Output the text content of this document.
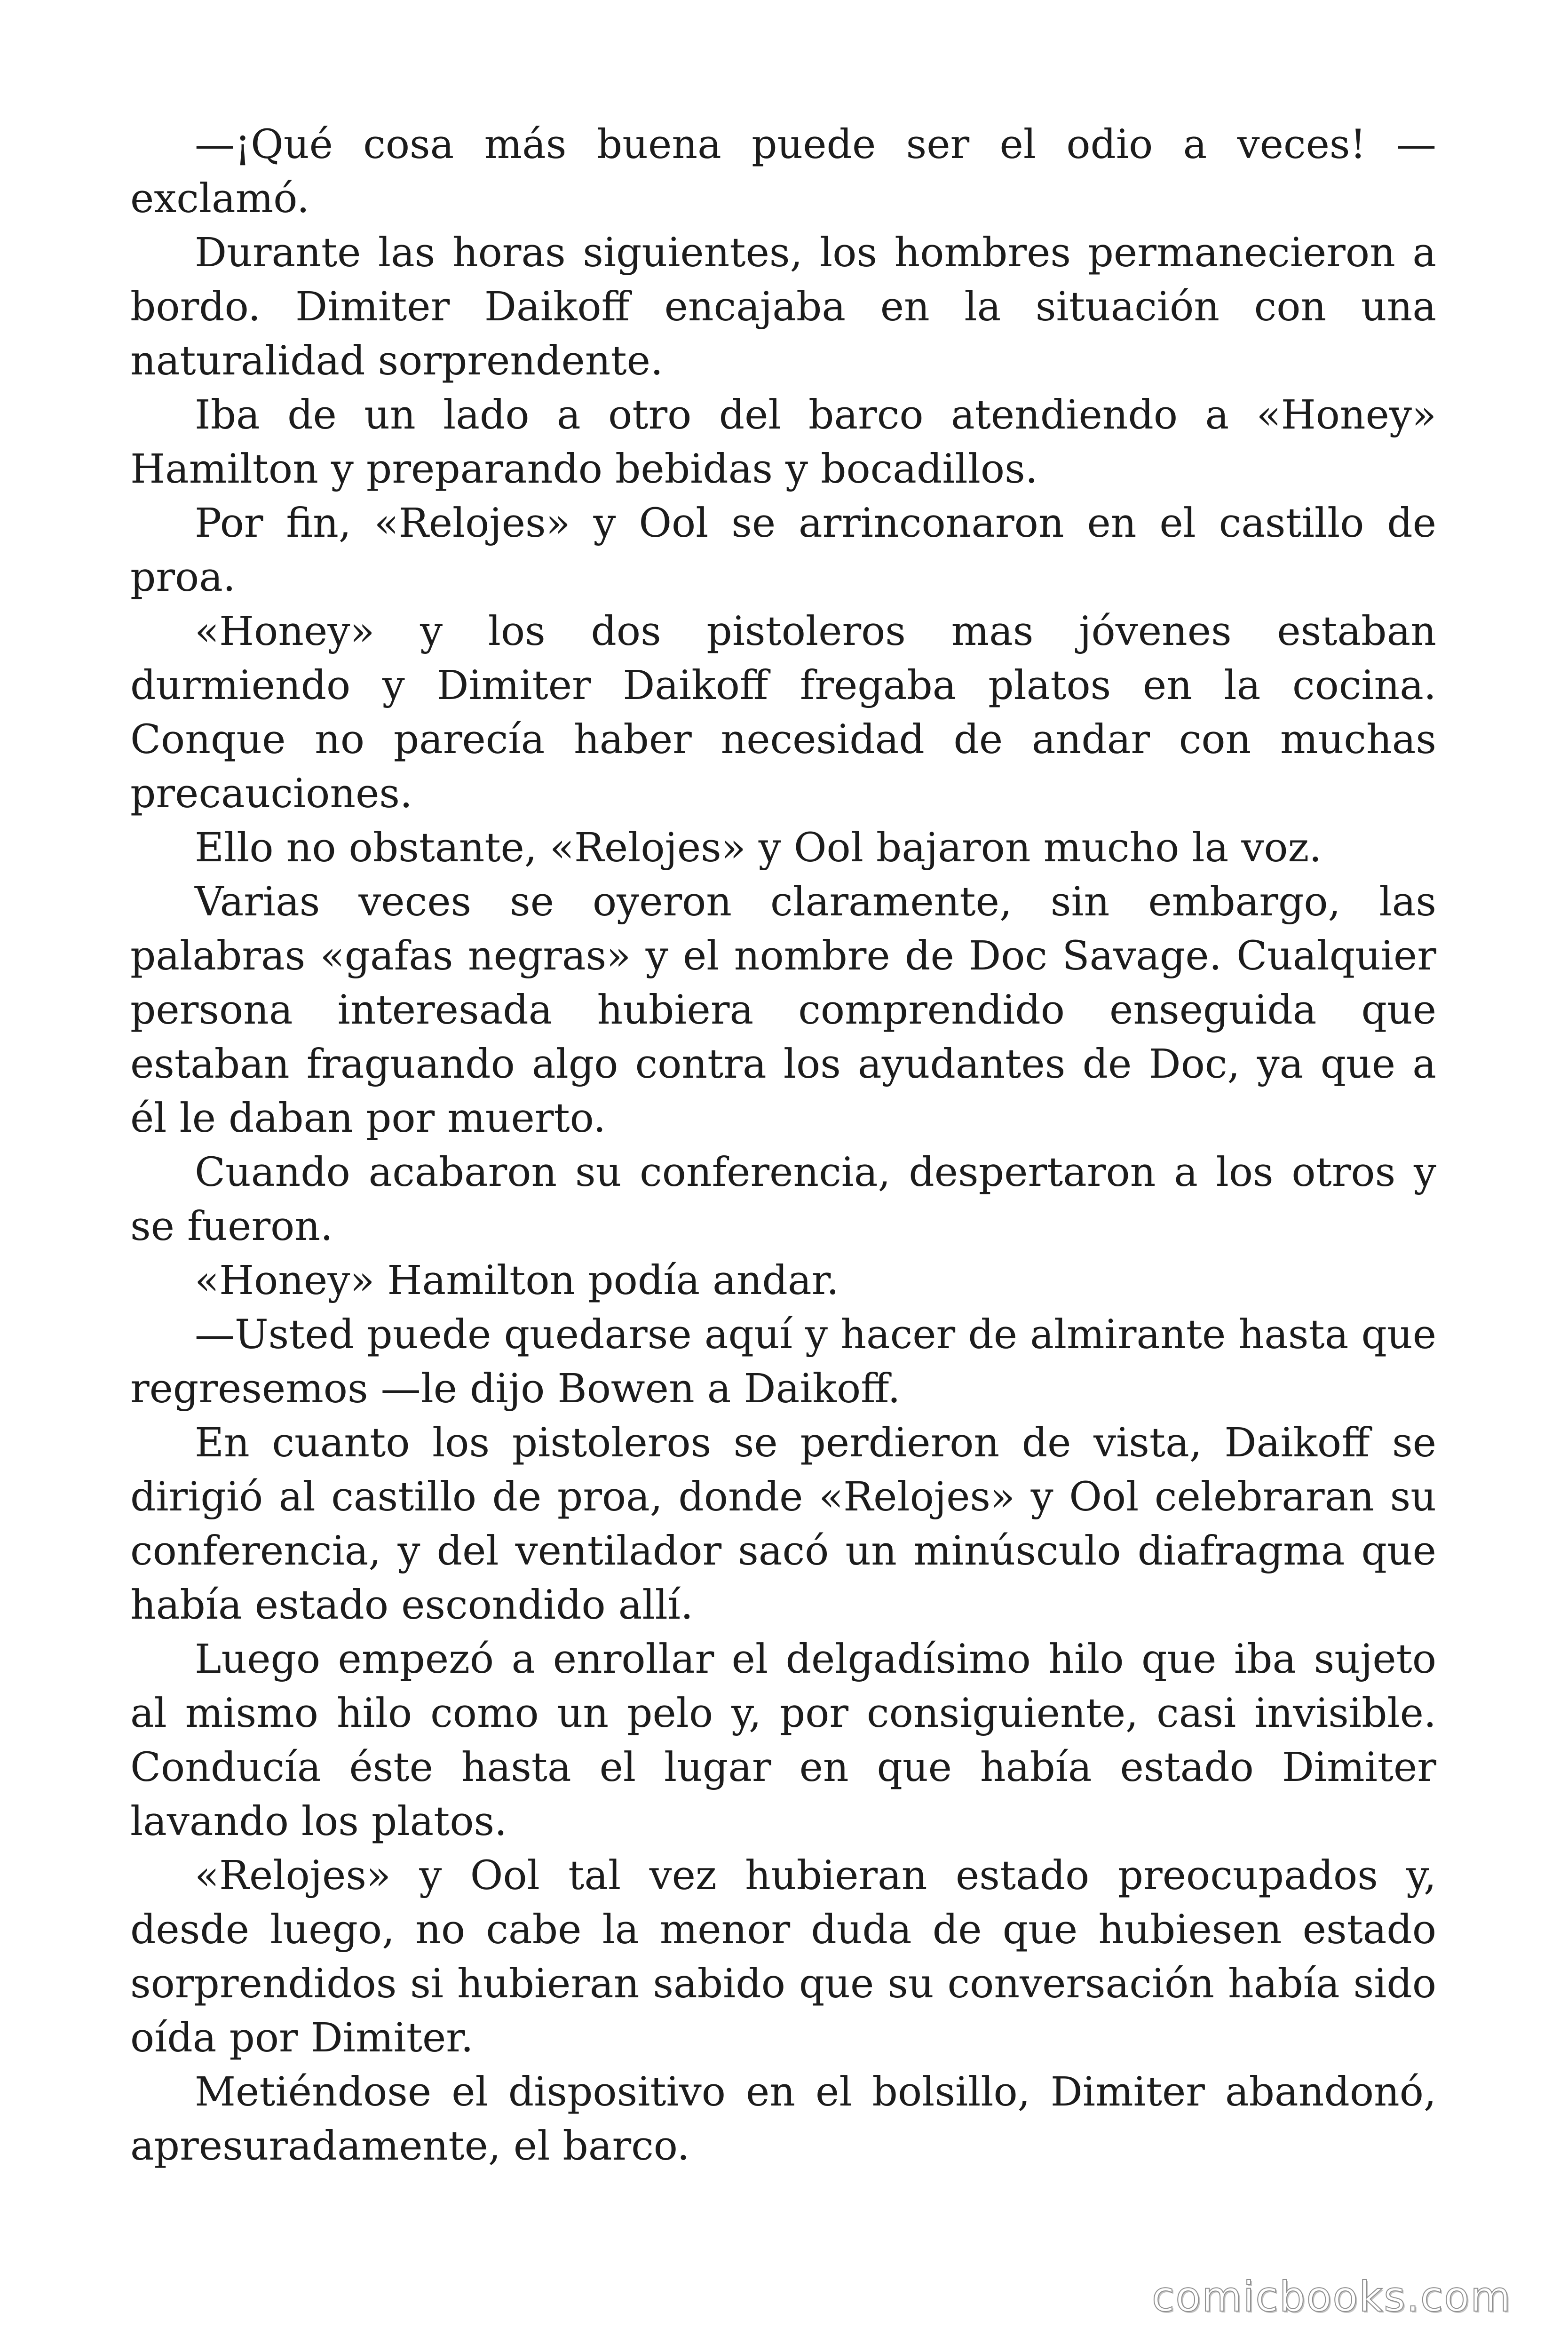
—¡Qué cosa más buena puede ser el odio a veces! —exclamó.

Durante las horas siguientes, los hombres permanecieron a bordo. Dimiter Daikoff encajaba en la situación con una naturalidad sorprendente.

Iba de un lado a otro del barco atendiendo a «Honey» Hamilton y preparando bebidas y bocadillos.

Por fin, «Relojes» y Ool se arrinconaron en el castillo de proa.

«Honey» y los dos pistoleros mas jóvenes estaban durmiendo y Dimiter Daikoff fregaba platos en la cocina. Conque no parecía haber necesidad de andar con muchas precauciones.

Ello no obstante, «Relojes» y Ool bajaron mucho la voz.

Varias veces se oyeron claramente, sin embargo, las palabras «gafas negras» y el nombre de Doc Savage. Cualquier persona interesada hubiera comprendido enseguida que estaban fraguando algo contra los ayudantes de Doc, ya que a él le daban por muerto.

Cuando acabaron su conferencia, despertaron a los otros y se fueron.

«Honey» Hamilton podía andar.

—Usted puede quedarse aquí y hacer de almirante hasta que regresemos —le dijo Bowen a Daikoff.

En cuanto los pistoleros se perdieron de vista, Daikoff se dirigió al castillo de proa, donde «Relojes» y Ool celebraran su conferencia, y del ventilador sacó un minúsculo diafragma que había estado escondido allí.

Luego empezó a enrollar el delgadísimo hilo que iba sujeto al mismo hilo como un pelo y, por consiguiente, casi invisible. Conducía éste hasta el lugar en que había estado Dimiter lavando los platos.

«Relojes» y Ool tal vez hubieran estado preocupados y, desde luego, no cabe la menor duda de que hubiesen estado sorprendidos si hubieran sabido que su conversación había sido oída por Dimiter.

Metiéndose el dispositivo en el bolsillo, Dimiter abandonó, apresuradamente, el barco.

comicbooks.com
